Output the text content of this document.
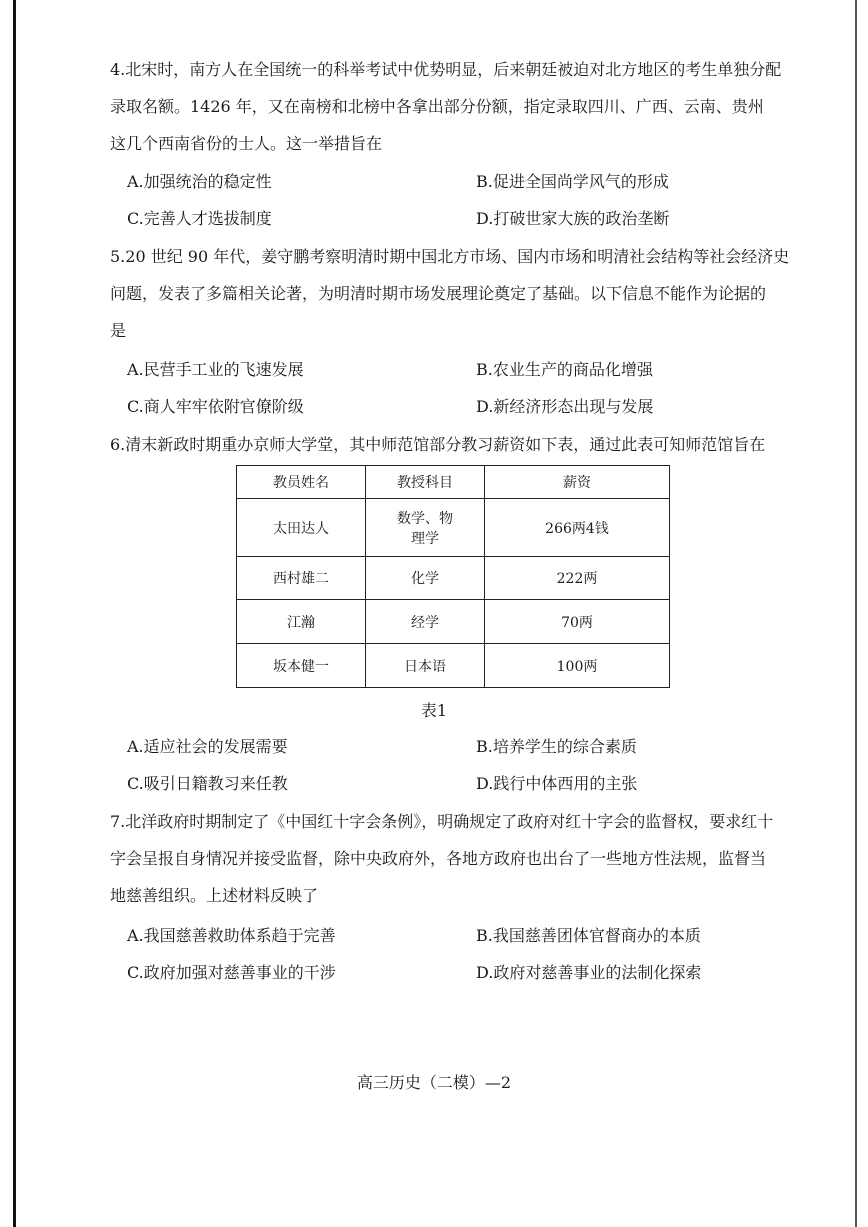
4.北宋时，南方人在全国统一的科举考试中优势明显，后来朝廷被迫对北方地区的考生单独分配
录取名额。1426 年，又在南榜和北榜中各拿出部分份额，指定录取四川、广西、云南、贵州
这几个西南省份的士人。这一举措旨在
A.加强统治的稳定性	B.促进全国尚学风气的形成
C.完善人才选拔制度	D.打破世家大族的政治垄断
5.20 世纪 90 年代，姜守鹏考察明清时期中国北方市场、国内市场和明清社会结构等社会经济史
问题，发表了多篇相关论著，为明清时期市场发展理论奠定了基础。以下信息不能作为论据的
是
A.民营手工业的飞速发展	B.农业生产的商品化增强
C.商人牢牢依附官僚阶级	D.新经济形态出现与发展
6.清末新政时期重办京师大学堂，其中师范馆部分教习薪资如下表，通过此表可知师范馆旨在
教员姓名	教授科目	薪资
太田达人	数学、物理学	266两4钱
西村雄二	化学	222两
江瀚	经学	70两
坂本健一	日本语	100两
表1
A.适应社会的发展需要	B.培养学生的综合素质
C.吸引日籍教习来任教	D.践行中体西用的主张
7.北洋政府时期制定了《中国红十字会条例》，明确规定了政府对红十字会的监督权，要求红十
字会呈报自身情况并接受监督，除中央政府外，各地方政府也出台了一些地方性法规，监督当
地慈善组织。上述材料反映了
A.我国慈善救助体系趋于完善	B.我国慈善团体官督商办的本质
C.政府加强对慈善事业的干涉	D.政府对慈善事业的法制化探索
高三历史（二模）—2
